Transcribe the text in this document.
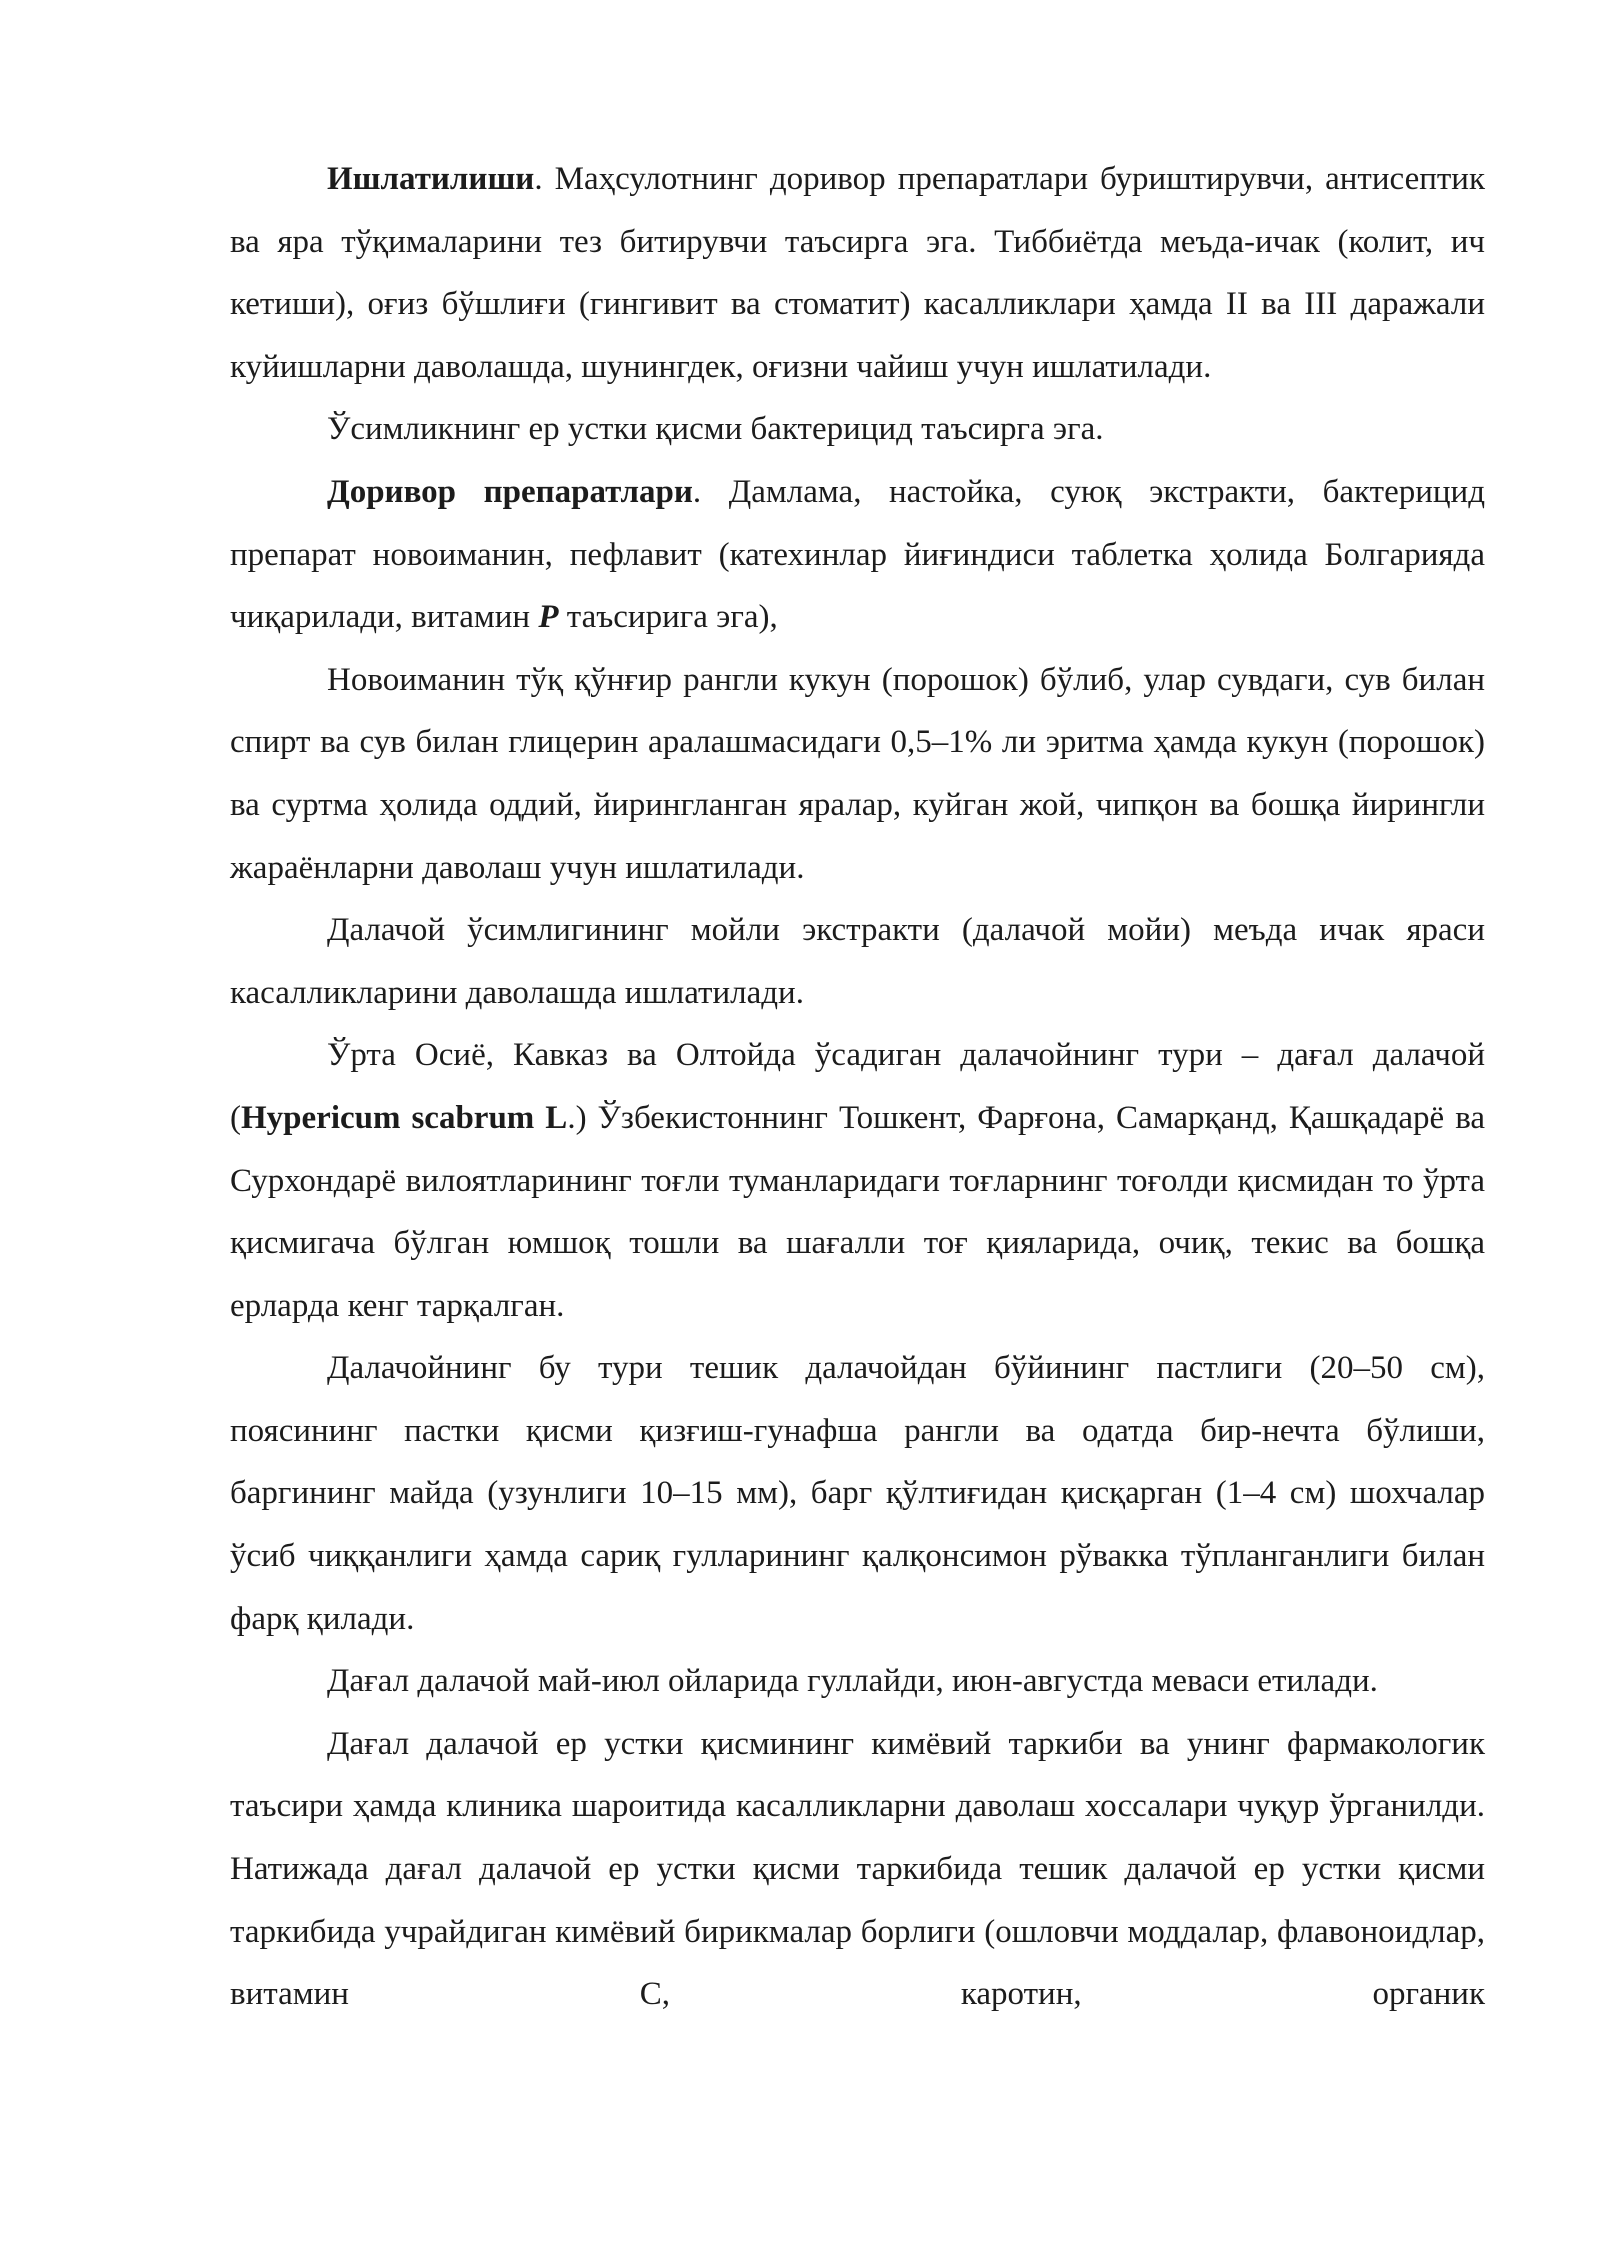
Ишлатилиши. Маҳсулотнинг доривор препаратлари буриштирувчи, антисептик ва яра тўқималарини тез битирувчи таъсирга эга. Тиббиётда меъда-ичак (колит, ич кетиши), оғиз бўшлиғи (гингивит ва стоматит) касалликлари ҳамда II ва III даражали куйишларни даволашда, шунингдек, оғизни чайиш учун ишлатилади.

Ўсимликнинг ер устки қисми бактерицид таъсирга эга.

Доривор препаратлари. Дамлама, настойка, суюқ экстракти, бактерицид препарат новоиманин, пефлавит (катехинлар йиғиндиси таблетка ҳолида Болгарияда чиқарилади, витамин P таъсирига эга),

Новоиманин тўқ қўнғир рангли кукун (порошок) бўлиб, улар сувдаги, сув билан спирт ва сув билан глицерин аралашмасидаги 0,5–1% ли эритма ҳамда кукун (порошок) ва суртма ҳолида оддий, йирингланган яралар, куйган жой, чипқон ва бошқа йирингли жараёнларни даволаш учун ишлатилади.

Далачой ўсимлигининг мойли экстракти (далачой мойи) меъда ичак яраси касалликларини даволашда ишлатилади.

Ўрта Осиё, Кавказ ва Олтойда ўсадиган далачойнинг тури – дағал далачой (Hypericum scabrum L.) Ўзбекистоннинг Тошкент, Фарғона, Самарқанд, Қашқадарё ва Сурхондарё вилоятларининг тоғли туманларидаги тоғларнинг тоғолди қисмидан то ўрта қисмигача бўлган юмшоқ тошли ва шағалли тоғ қияларида, очиқ, текис ва бошқа ерларда кенг тарқалган.

Далачойнинг бу тури тешик далачойдан бўйининг пастлиги (20–50 см), поясининг пастки қисми қизғиш-гунафша рангли ва одатда бир-нечта бўлиши, баргининг майда (узунлиги 10–15 мм), барг қўлтиғидан қисқарган (1–4 см) шохчалар ўсиб чиққанлиги ҳамда сариқ гулларининг қалқонсимон рўвакка тўпланганлиги билан фарқ қилади.

Дағал далачой май-июл ойларида гуллайди, июн-августда меваси етилади.

Дағал далачой ер устки қисмининг кимёвий таркиби ва унинг фармакологик таъсири ҳамда клиника шароитида касалликларни даволаш хоссалари чуқур ўрганилди. Натижада дағал далачой ер устки қисми таркибида тешик далачой ер устки қисми таркибида учрайдиган кимёвий бирикмалар борлиги (ошловчи моддалар, флавоноидлар, витамин С, каротин, органик
